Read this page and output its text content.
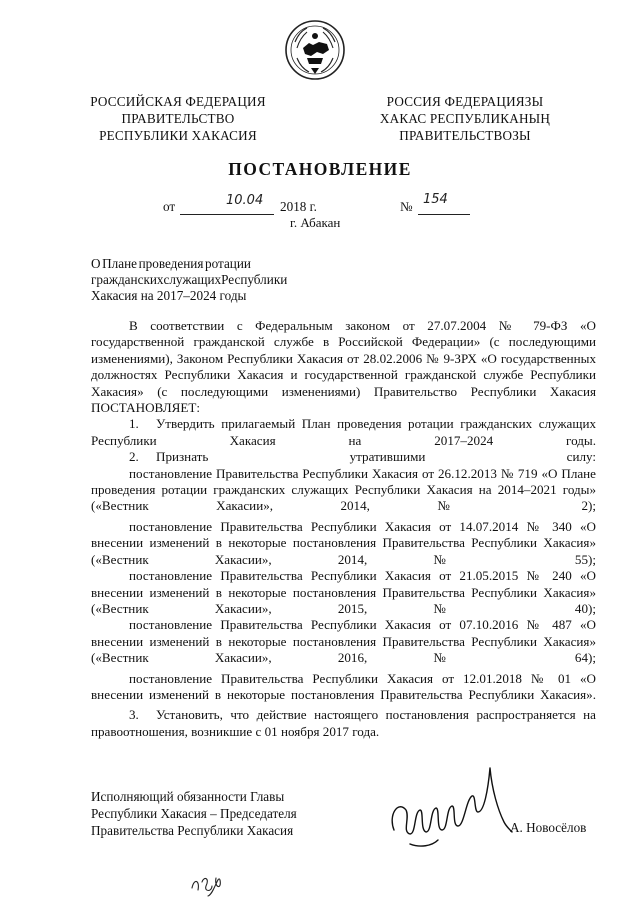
РОССИЙСКАЯ ФЕДЕРАЦИЯ
ПРАВИТЕЛЬСТВО
РЕСПУБЛИКИ ХАКАСИЯ
РОССИЯ ФЕДЕРАЦИЯЗЫ
ХАКАС РЕСПУБЛИКАНЫҢ
ПРАВИТЕЛЬСТВОЗЫ
ПОСТАНОВЛЕНИЕ
от	10.04 2018 г.	№ 154
г. Абакан
О Плане проведения ротации
гражданских служащих Республики
Хакасия на 2017–2024 годы

В соответствии с Федеральным законом от 27.07.2004 № 79-ФЗ «О государственной гражданской службе в Российской Федерации» (с последующими изменениями), Законом Республики Хакасия от 28.02.2006 № 9-ЗРХ «О государственных должностях Республики Хакасия и государственной гражданской службе Республики Хакасия» (с последующими изменениями) Правительство Республики Хакасия ПОСТАНОВЛЯЕТ:

1. Утвердить прилагаемый План проведения ротации гражданских служащих Республики Хакасия на 2017–2024 годы.

2. Признать утратившими силу:

постановление Правительства Республики Хакасия от 26.12.2013 № 719 «О Плане проведения ротации гражданских служащих Республики Хакасия на 2014–2021 годы» («Вестник Хакасии», 2014, № 2);

постановление Правительства Республики Хакасия от 14.07.2014 № 340 «О внесении изменений в некоторые постановления Правительства Республики Хакасия» («Вестник Хакасии», 2014, № 55);

постановление Правительства Республики Хакасия от 21.05.2015 № 240 «О внесении изменений в некоторые постановления Правительства Республики Хакасия» («Вестник Хакасии», 2015, № 40);

постановление Правительства Республики Хакасия от 07.10.2016 № 487 «О внесении изменений в некоторые постановления Правительства Республики Хакасия» («Вестник Хакасии», 2016, № 64);

постановление Правительства Республики Хакасия от 12.01.2018 № 01 «О внесении изменений в некоторые постановления Правительства Республики Хакасия».

3. Установить, что действие настоящего постановления распространяется на правоотношения, возникшие с 01 ноября 2017 года.

Исполняющий обязанности Главы
Республики Хакасия – Председателя
Правительства Республики Хакасия	А. Новосёлов
